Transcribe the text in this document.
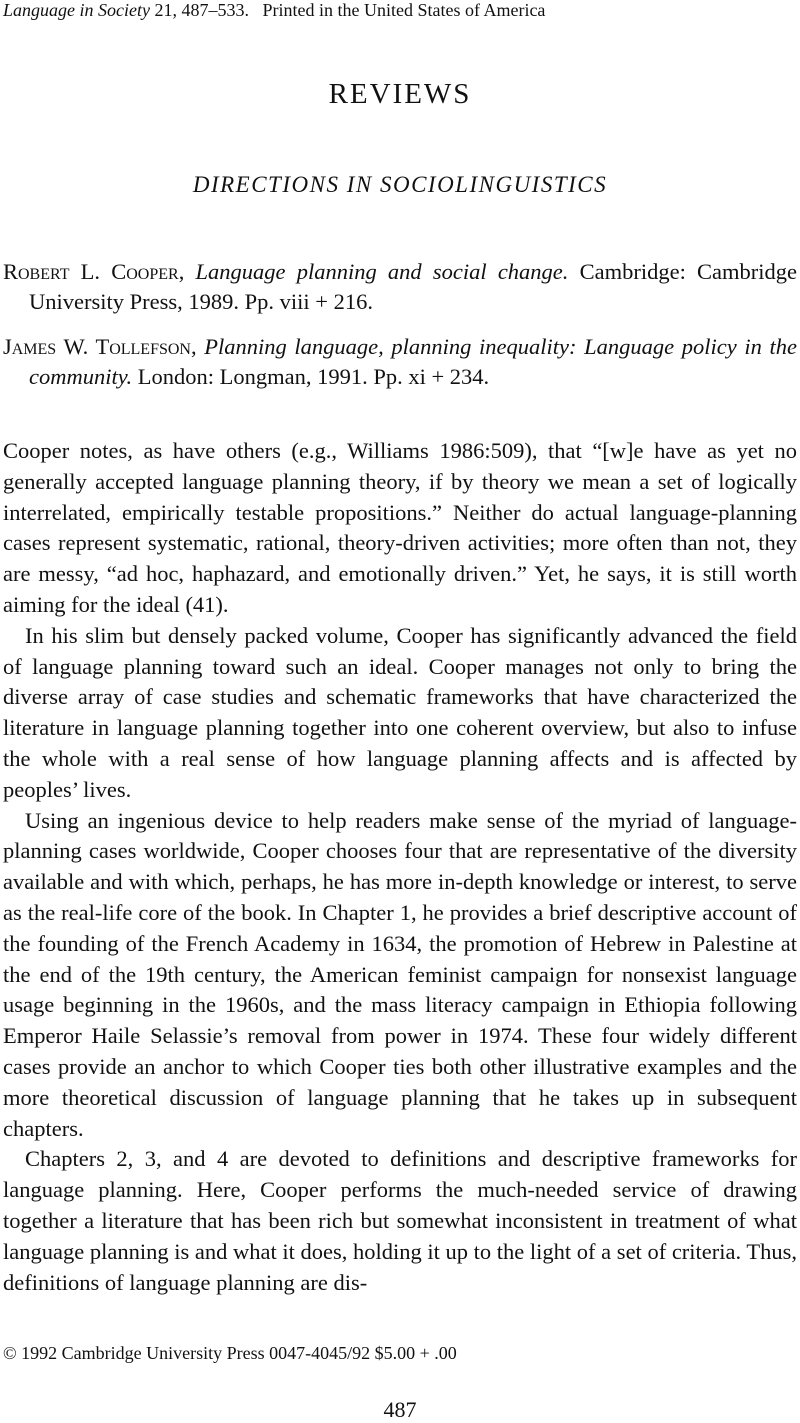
Language in Society 21, 487–533. Printed in the United States of America
REVIEWS
DIRECTIONS IN SOCIOLINGUISTICS

Robert L. Cooper, Language planning and social change. Cambridge: Cambridge University Press, 1989. Pp. viii + 216.

James W. Tollefson, Planning language, planning inequality: Language policy in the community. London: Longman, 1991. Pp. xi + 234.

Cooper notes, as have others (e.g., Williams 1986:509), that “[w]e have as yet no generally accepted language planning theory, if by theory we mean a set of logically interrelated, empirically testable propositions.” Neither do actual language-planning cases represent systematic, rational, theory-driven activities; more often than not, they are messy, “ad hoc, haphazard, and emotionally driven.” Yet, he says, it is still worth aiming for the ideal (41).

In his slim but densely packed volume, Cooper has significantly advanced the field of language planning toward such an ideal. Cooper manages not only to bring the diverse array of case studies and schematic frameworks that have characterized the literature in language planning together into one coherent overview, but also to infuse the whole with a real sense of how language planning affects and is affected by peoples’ lives.

Using an ingenious device to help readers make sense of the myriad of language-planning cases worldwide, Cooper chooses four that are representative of the diversity available and with which, perhaps, he has more in-depth knowledge or interest, to serve as the real-life core of the book. In Chapter 1, he provides a brief descriptive account of the founding of the French Academy in 1634, the promotion of Hebrew in Palestine at the end of the 19th century, the American feminist campaign for nonsexist language usage beginning in the 1960s, and the mass literacy campaign in Ethiopia following Emperor Haile Selassie’s removal from power in 1974. These four widely different cases provide an anchor to which Cooper ties both other illustrative examples and the more theoretical discussion of language planning that he takes up in subsequent chapters.

Chapters 2, 3, and 4 are devoted to definitions and descriptive frameworks for language planning. Here, Cooper performs the much-needed service of drawing together a literature that has been rich but somewhat inconsistent in treatment of what language planning is and what it does, holding it up to the light of a set of criteria. Thus, definitions of language planning are dis-

© 1992 Cambridge University Press 0047-4045/92 $5.00 + .00
487
